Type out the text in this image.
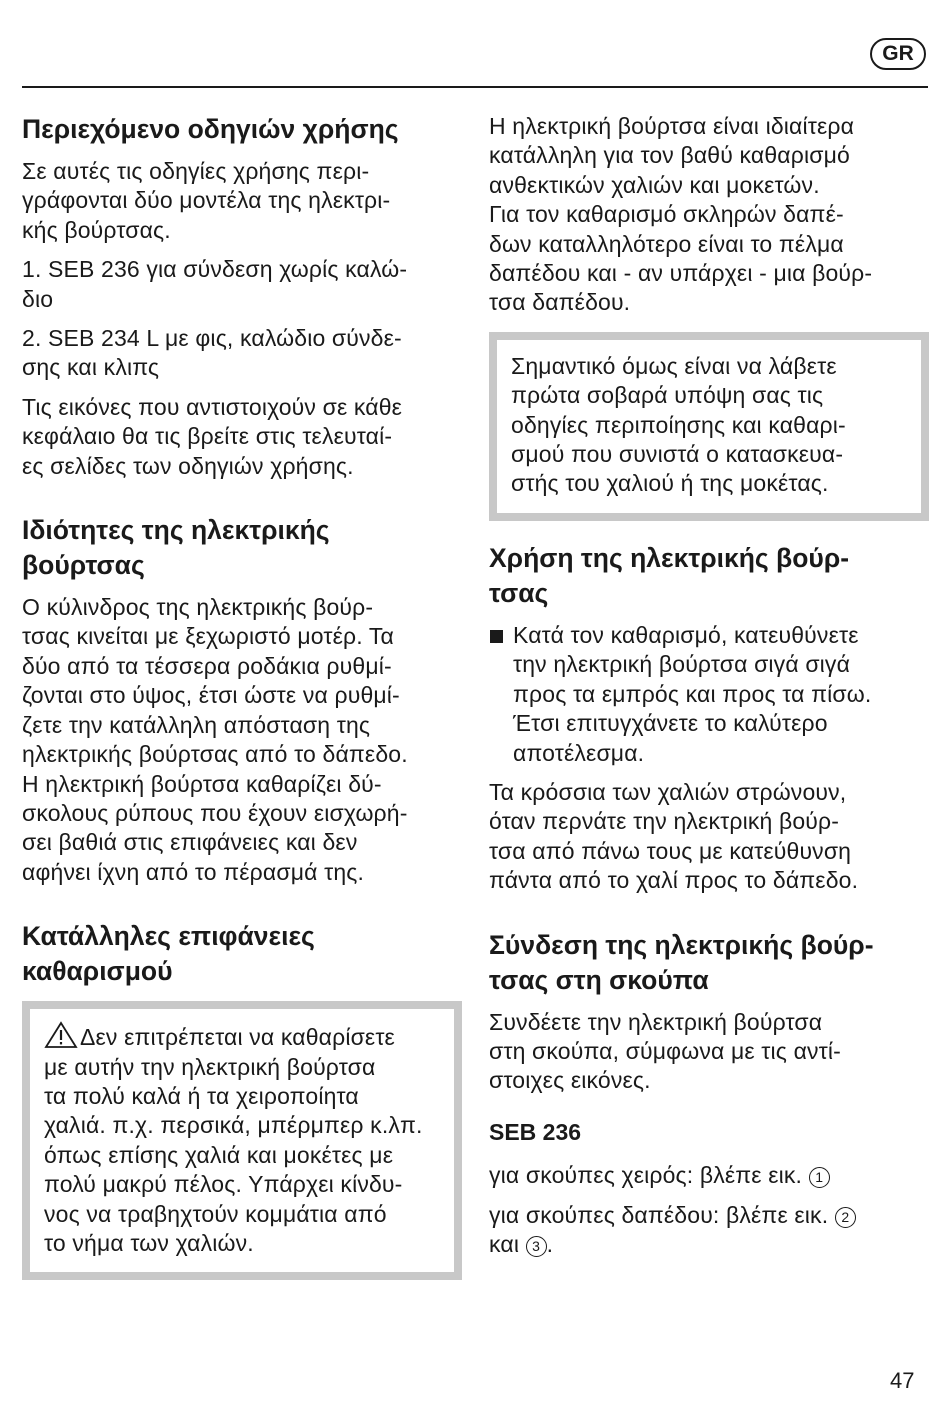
GR
Περιεχόμενο οδηγιών χρήσης

Σε αυτές τις οδηγίες χρήσης περι-
γράφονται δύο μοντέλα της ηλεκτρι-
κής βούρτσας.

1. SEB 236 για σύνδεση χωρίς καλώ-
διο

2. SEB 234 L με φις, καλώδιο σύνδε-
σης και κλιπς

Τις εικόνες που αντιστοιχούν σε κάθε
κεφάλαιο θα τις βρείτε στις τελευταί-
ες σελίδες των οδηγιών χρήσης.

Ιδιότητες της ηλεκτρικής
βούρτσας

Ο κύλινδρος της ηλεκτρικής βούρ-
τσας κινείται με ξεχωριστό μοτέρ. Τα
δύο από τα τέσσερα ροδάκια ρυθμί-
ζονται στο ύψος, έτσι ώστε να ρυθμί-
ζετε την κατάλληλη απόσταση της
ηλεκτρικής βούρτσας από το δάπεδο.
Η ηλεκτρική βούρτσα καθαρίζει δύ-
σκολους ρύπους που έχουν εισχωρή-
σει βαθιά στις επιφάνειες και δεν
αφήνει ίχνη από το πέρασμά της.

Κατάλληλες επιφάνειες
καθαρισμού

Δεν επιτρέπεται να καθαρίσετε
με αυτήν την ηλεκτρική βούρτσα
τα πολύ καλά ή τα χειροποίητα
χαλιά. π.χ. περσικά, μπέρμπερ κ.λπ.
όπως επίσης χαλιά και μοκέτες με
πολύ μακρύ πέλος. Υπάρχει κίνδυ-
νος να τραβηχτούν κομμάτια από
το νήμα των χαλιών.

Η ηλεκτρική βούρτσα είναι ιδιαίτερα
κατάλληλη για τον βαθύ καθαρισμό
ανθεκτικών χαλιών και μοκετών.
Για τον καθαρισμό σκληρών δαπέ-
δων καταλληλότερο είναι το πέλμα
δαπέδου και - αν υπάρχει - μια βούρ-
τσα δαπέδου.

Σημαντικό όμως είναι να λάβετε
πρώτα σοβαρά υπόψη σας τις
οδηγίες περιποίησης και καθαρι-
σμού που συνιστά ο κατασκευα-
στής του χαλιού ή της μοκέτας.

Χρήση της ηλεκτρικής βούρ-
τσας

Κατά τον καθαρισμό, κατευθύνετε
την ηλεκτρική βούρτσα σιγά σιγά
προς τα εμπρός και προς τα πίσω.
Έτσι επιτυγχάνετε το καλύτερο
αποτέλεσμα.

Τα κρόσσια των χαλιών στρώνουν,
όταν περνάτε την ηλεκτρική βούρ-
τσα από πάνω τους με κατεύθυνση
πάντα από το χαλί προς το δάπεδο.

Σύνδεση της ηλεκτρικής βούρ-
τσας στη σκούπα

Συνδέετε την ηλεκτρική βούρτσα
στη σκούπα, σύμφωνα με τις αντί-
στοιχες εικόνες.

SEB 236

για σκούπες χειρός: βλέπε εικ. 1

για σκούπες δαπέδου: βλέπε εικ. 2
και 3 .

47
